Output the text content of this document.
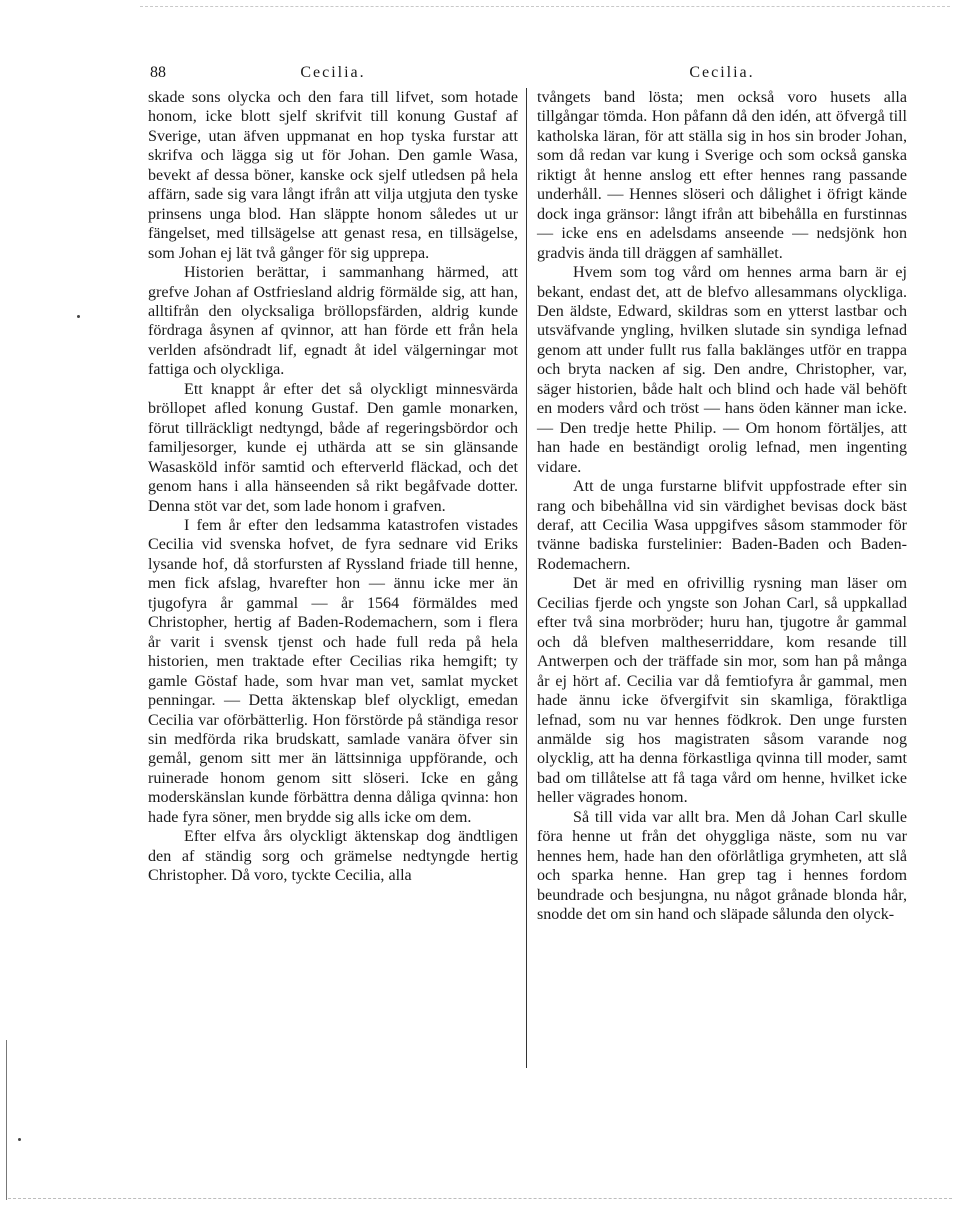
88	Cecilia.

skade sons olycka och den fara till lifvet, som hotade honom, icke blott sjelf skrifvit till konung Gustaf af Sverige, utan äfven uppmanat en hop tyska furstar att skrifva och lägga sig ut för Johan. Den gamle Wasa, bevekt af dessa böner, kanske ock sjelf utledsen på hela affärn, sade sig vara långt ifrån att vilja utgjuta den tyske prinsens unga blod. Han släppte honom således ut ur fängelset, med tillsägelse att genast resa, en tillsägelse, som Johan ej lät två gånger för sig upprepa.

Historien berättar, i sammanhang härmed, att grefve Johan af Ostfriesland aldrig förmälde sig, att han, alltifrån den olycksaliga bröllopsfärden, aldrig kunde fördraga åsynen af qvinnor, att han förde ett från hela verlden afsöndradt lif, egnadt åt idel välgerningar mot fattiga och olyckliga.

Ett knappt år efter det så olyckligt minnesvärda bröllopet afled konung Gustaf. Den gamle monarken, förut tillräckligt nedtyngd, både af regeringsbördor och familjesorger, kunde ej uthärda att se sin glänsande Wasasköld inför samtid och efterverld fläckad, och det genom hans i alla hänseenden så rikt begåfvade dotter. Denna stöt var det, som lade honom i grafven.

I fem år efter den ledsamma katastrofen vistades Cecilia vid svenska hofvet, de fyra sednare vid Eriks lysande hof, då storfursten af Ryssland friade till henne, men fick afslag, hvarefter hon — ännu icke mer än tjugofyra år gammal — år 1564 förmäldes med Christopher, hertig af Baden-Rodemachern, som i flera år varit i svensk tjenst och hade full reda på hela historien, men traktade efter Cecilias rika hemgift; ty gamle Göstaf hade, som hvar man vet, samlat mycket penningar. — Detta äktenskap blef olyckligt, emedan Cecilia var oförbätterlig. Hon förstörde på ständiga resor sin medförda rika brudskatt, samlade vanära öfver sin gemål, genom sitt mer än lättsinniga uppförande, och ruinerade honom genom sitt slöseri. Icke en gång moderskänslan kunde förbättra denna dåliga qvinna: hon hade fyra söner, men brydde sig alls icke om dem.

Efter elfva års olyckligt äktenskap dog ändtligen den af ständig sorg och grämelse nedtyngde hertig Christopher. Då voro, tyckte Cecilia, alla

Cecilia.

tvångets band lösta; men också voro husets alla tillgångar tömda. Hon påfann då den idén, att öfvergå till katholska läran, för att ställa sig in hos sin broder Johan, som då redan var kung i Sverige och som också ganska riktigt åt henne anslog ett efter hennes rang passande underhåll. — Hennes slöseri och dålighet i öfrigt kände dock inga gränsor: långt ifrån att bibehålla en furstinnas — icke ens en adelsdams anseende — nedsjönk hon gradvis ända till dräggen af samhället.

Hvem som tog vård om hennes arma barn är ej bekant, endast det, att de blefvo allesammans olyckliga. Den äldste, Edward, skildras som en ytterst lastbar och utsväfvande yngling, hvilken slutade sin syndiga lefnad genom att under fullt rus falla baklänges utför en trappa och bryta nacken af sig. Den andre, Christopher, var, säger historien, både halt och blind och hade väl behöft en moders vård och tröst — hans öden känner man icke. — Den tredje hette Philip. — Om honom förtäljes, att han hade en beständigt orolig lefnad, men ingenting vidare.

Att de unga furstarne blifvit uppfostrade efter sin rang och bibehållna vid sin värdighet bevisas dock bäst deraf, att Cecilia Wasa uppgifves såsom stammoder för tvänne badiska furstelinier: Baden-Baden och Baden-Rodemachern.

Det är med en ofrivillig rysning man läser om Cecilias fjerde och yngste son Johan Carl, så uppkallad efter två sina morbröder; huru han, tjugotre år gammal och då blefven maltheserriddare, kom resande till Antwerpen och der träffade sin mor, som han på många år ej hört af. Cecilia var då femtiofyra år gammal, men hade ännu icke öfvergifvit sin skamliga, föraktliga lefnad, som nu var hennes födkrok. Den unge fursten anmälde sig hos magistraten såsom varande nog olycklig, att ha denna förkastliga qvinna till moder, samt bad om tillåtelse att få taga vård om henne, hvilket icke heller vägrades honom.

Så till vida var allt bra. Men då Johan Carl skulle föra henne ut från det ohyggliga näste, som nu var hennes hem, hade han den oförlåtliga grymheten, att slå och sparka henne. Han grep tag i hennes fordom beundrade och besjungna, nu något grånade blonda hår, snodde det om sin hand och släpade sålunda den olyck-
